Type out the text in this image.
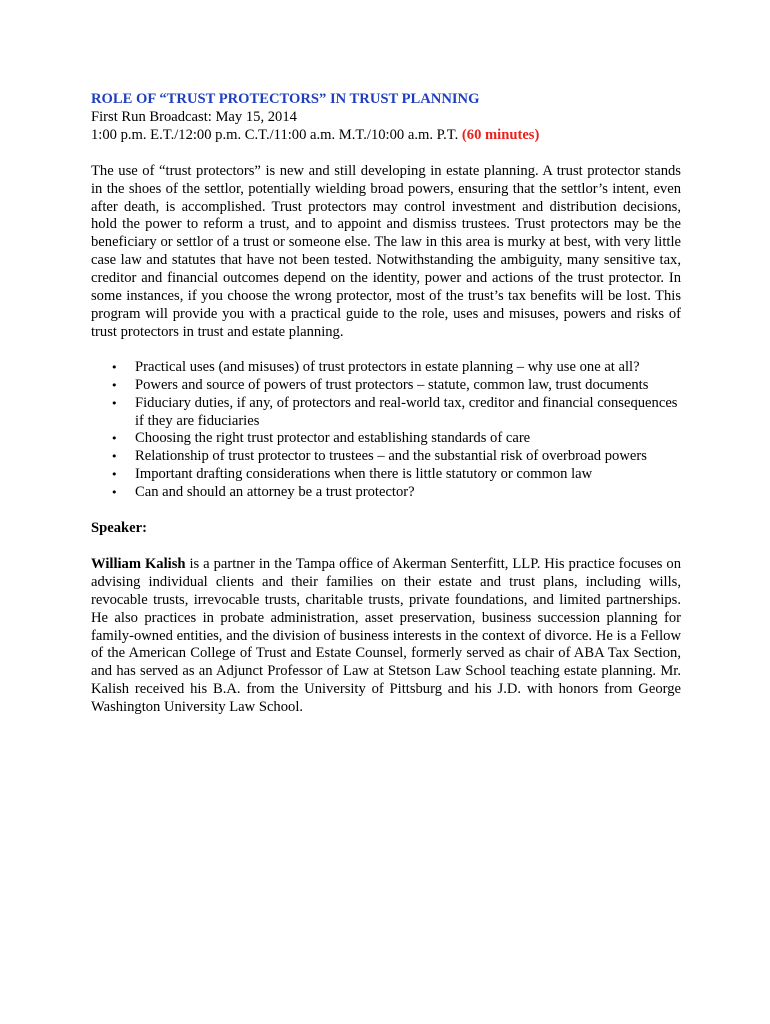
ROLE OF “TRUST PROTECTORS” IN TRUST PLANNING
First Run Broadcast: May 15, 2014
1:00 p.m. E.T./12:00 p.m. C.T./11:00 a.m. M.T./10:00 a.m. P.T. (60 minutes)

The use of “trust protectors” is new and still developing in estate planning. A trust protector stands in the shoes of the settlor, potentially wielding broad powers, ensuring that the settlor’s intent, even after death, is accomplished. Trust protectors may control investment and distribution decisions, hold the power to reform a trust, and to appoint and dismiss trustees. Trust protectors may be the beneficiary or settlor of a trust or someone else. The law in this area is murky at best, with very little case law and statutes that have not been tested. Notwithstanding the ambiguity, many sensitive tax, creditor and financial outcomes depend on the identity, power and actions of the trust protector. In some instances, if you choose the wrong protector, most of the trust’s tax benefits will be lost. This program will provide you with a practical guide to the role, uses and misuses, powers and risks of trust protectors in trust and estate planning.

• Practical uses (and misuses) of trust protectors in estate planning – why use one at all?
• Powers and source of powers of trust protectors – statute, common law, trust documents
• Fiduciary duties, if any, of protectors and real-world tax, creditor and financial consequences if they are fiduciaries
• Choosing the right trust protector and establishing standards of care
• Relationship of trust protector to trustees – and the substantial risk of overbroad powers
• Important drafting considerations when there is little statutory or common law
• Can and should an attorney be a trust protector?
Speaker:

William Kalish is a partner in the Tampa office of Akerman Senterfitt, LLP. His practice focuses on advising individual clients and their families on their estate and trust plans, including wills, revocable trusts, irrevocable trusts, charitable trusts, private foundations, and limited partnerships. He also practices in probate administration, asset preservation, business succession planning for family-owned entities, and the division of business interests in the context of divorce. He is a Fellow of the American College of Trust and Estate Counsel, formerly served as chair of ABA Tax Section, and has served as an Adjunct Professor of Law at Stetson Law School teaching estate planning. Mr. Kalish received his B.A. from the University of Pittsburg and his J.D. with honors from George Washington University Law School.
